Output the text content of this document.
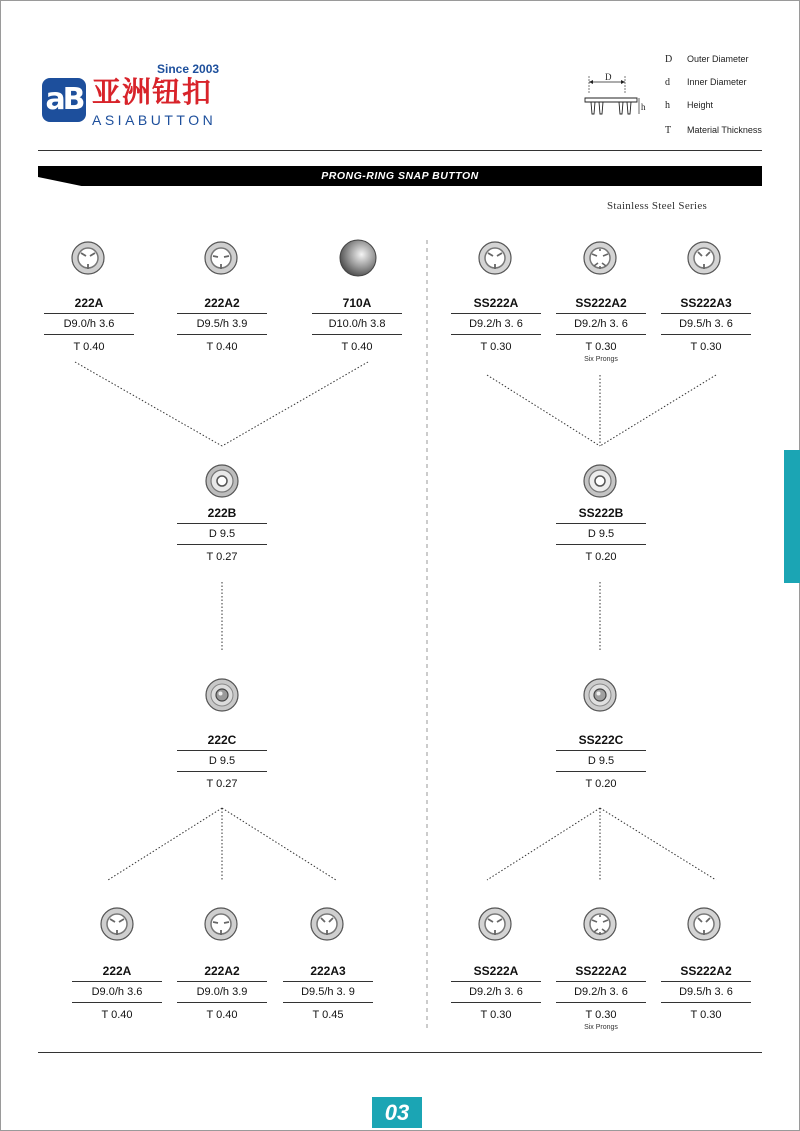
aB
Since 2003
亚洲钮扣
ASIABUTTON
D
h
D Outer Diameter
d Inner Diameter
h Height
T Material Thickness
PRONG-RING SNAP BUTTON
Stainless Steel Series
222A
D9.0/h 3.6
T 0.40
222A2
D9.5/h 3.9
T 0.40
710A
D10.0/h 3.8
T 0.40
222B
D 9.5
T 0.27
222C
D 9.5
T 0.27
222A
D9.0/h 3.6
T 0.40
222A2
D9.0/h 3.9
T 0.40
222A3
D9.5/h 3. 9
T 0.45
SS222A
D9.2/h 3. 6
T 0.30
SS222A2
D9.2/h 3. 6
T 0.30
Six Prongs
SS222A3
D9.5/h 3. 6
T 0.30
SS222B
D 9.5
T 0.20
SS222C
D 9.5
T 0.20
SS222A
D9.2/h 3. 6
T 0.30
SS222A2
D9.2/h 3. 6
T 0.30
Six Prongs
SS222A2
D9.5/h 3. 6
T 0.30
03
